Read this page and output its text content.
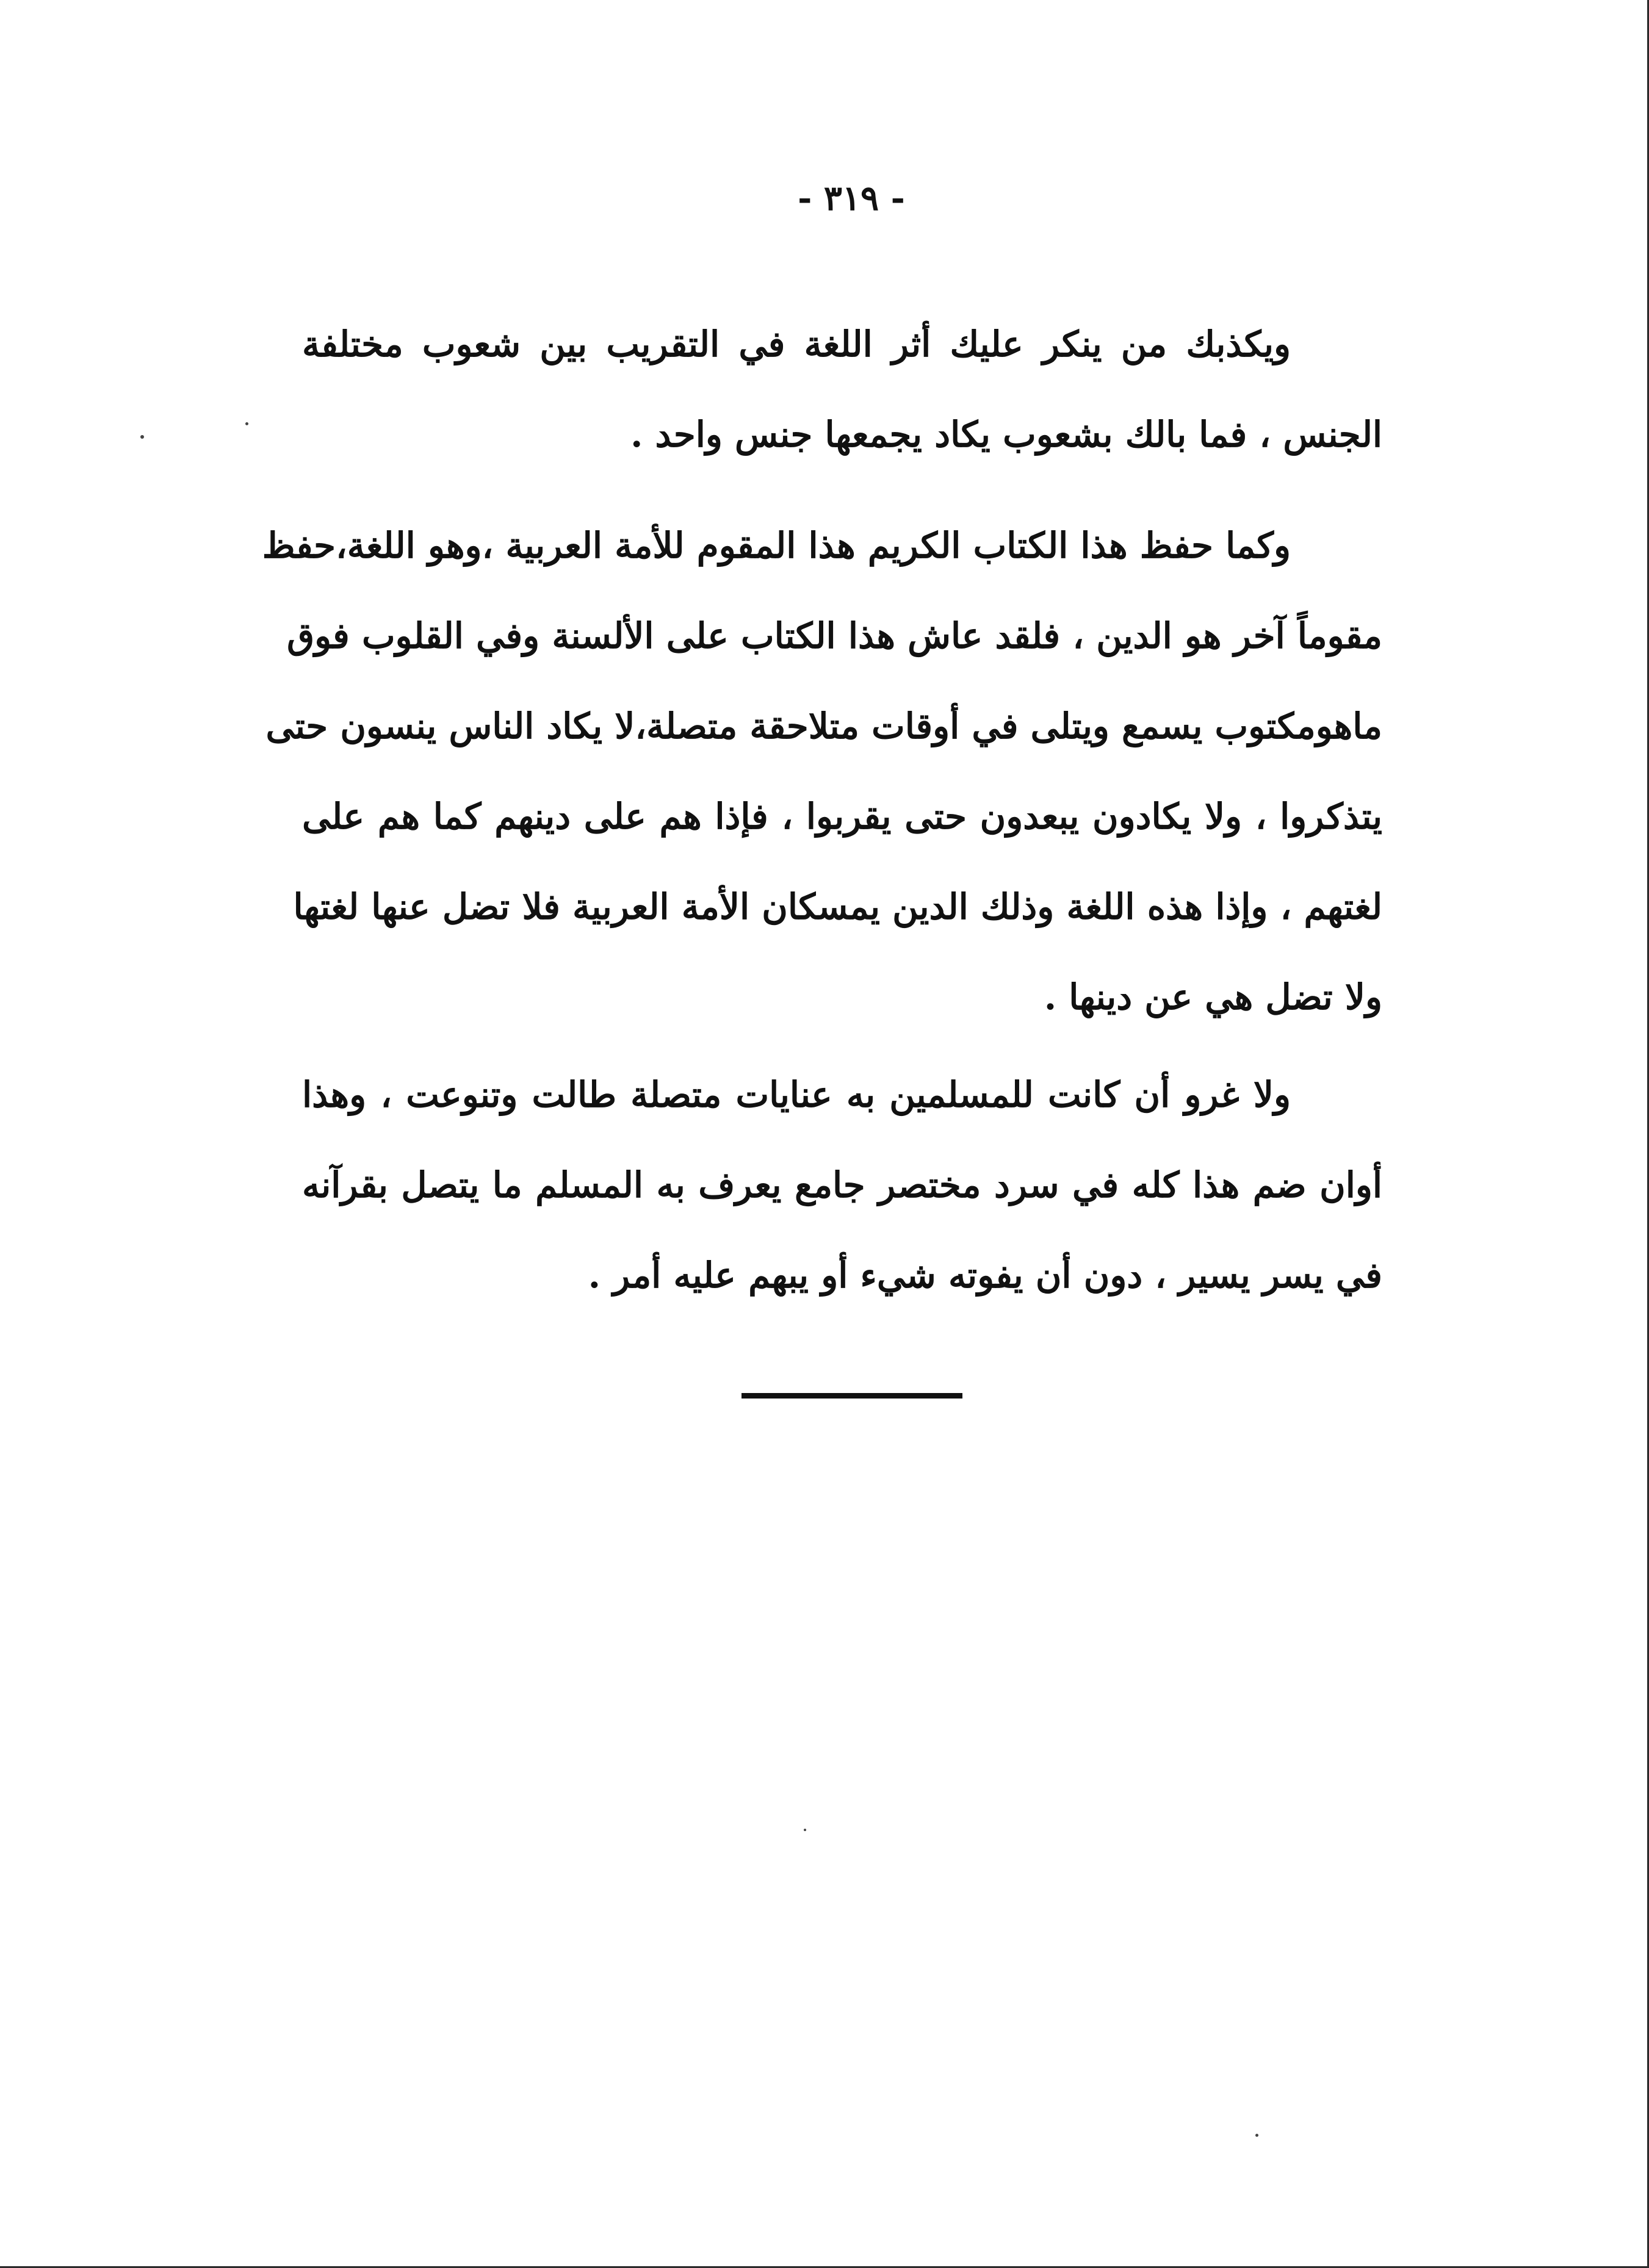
- ٣١٩ -
ويكذبك من ينكر عليك أثر اللغة في التقريب بين شعوب مختلفة
الجنس ، فما بالك بشعوب يكاد يجمعها جنس واحد .
وكما حفظ هذا الكتاب الكريم هذا المقوم للأمة العربية ،وهو اللغة،حفظ
مقوماً آخر هو الدين ، فلقد عاش هذا الكتاب على الألسنة وفي القلوب فوق
ماهومكتوب يسمع ويتلى في أوقات متلاحقة متصلة،لا يكاد الناس ينسون حتى
يتذكروا ، ولا يكادون يبعدون حتى يقربوا ، فإذا هم على دينهم كما هم على
لغتهم ، وإذا هذه اللغة وذلك الدين يمسكان الأمة العربية فلا تضل عنها لغتها
ولا تضل هي عن دينها .
ولا غرو أن كانت للمسلمين به عنايات متصلة طالت وتنوعت ، وهذا
أوان ضم هذا كله في سرد مختصر جامع يعرف به المسلم ما يتصل بقرآنه
في يسر يسير ، دون أن يفوته شيء أو يبهم عليه أمر .
